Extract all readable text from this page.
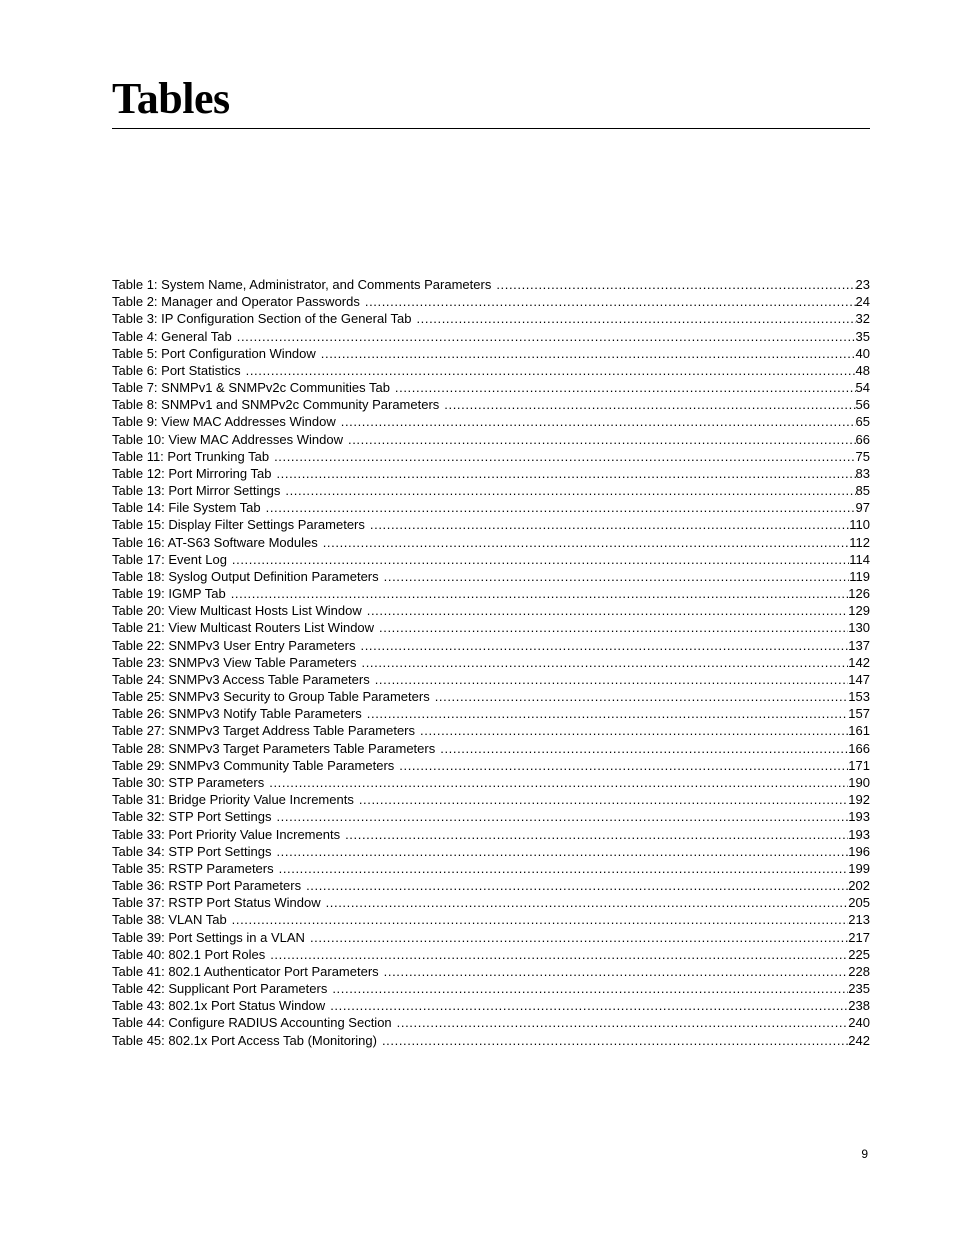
Tables
Table 1: System Name, Administrator, and Comments Parameters .....	23
Table 2: Manager and Operator Passwords .....	24
Table 3: IP Configuration Section of the General Tab .....	32
Table 4: General Tab .....	35
Table 5: Port Configuration Window .....	40
Table 6: Port Statistics .....	48
Table 7: SNMPv1 & SNMPv2c Communities Tab .....	54
Table 8: SNMPv1 and SNMPv2c Community Parameters .....	56
Table 9: View MAC Addresses Window .....	65
Table 10: View MAC Addresses Window .....	66
Table 11: Port Trunking Tab .....	75
Table 12: Port Mirroring Tab .....	83
Table 13: Port Mirror Settings .....	85
Table 14: File System Tab .....	97
Table 15: Display Filter Settings Parameters .....	110
Table 16: AT-S63 Software Modules .....	112
Table 17: Event Log .....	114
Table 18: Syslog Output Definition Parameters .....	119
Table 19: IGMP Tab .....	126
Table 20: View Multicast Hosts List Window .....	129
Table 21: View Multicast Routers List Window .....	130
Table 22: SNMPv3 User Entry Parameters .....	137
Table 23: SNMPv3 View Table Parameters .....	142
Table 24: SNMPv3 Access Table Parameters .....	147
Table 25: SNMPv3 Security to Group Table Parameters .....	153
Table 26: SNMPv3 Notify Table Parameters .....	157
Table 27: SNMPv3 Target Address Table Parameters .....	161
Table 28: SNMPv3 Target Parameters Table Parameters .....	166
Table 29: SNMPv3 Community Table Parameters .....	171
Table 30: STP Parameters .....	190
Table 31: Bridge Priority Value Increments .....	192
Table 32: STP Port Settings .....	193
Table 33: Port Priority Value Increments .....	193
Table 34: STP Port Settings .....	196
Table 35: RSTP Parameters .....	199
Table 36: RSTP Port Parameters .....	202
Table 37: RSTP Port Status Window .....	205
Table 38: VLAN Tab .....	213
Table 39: Port Settings in a VLAN .....	217
Table 40: 802.1 Port Roles .....	225
Table 41: 802.1 Authenticator Port Parameters .....	228
Table 42: Supplicant Port Parameters .....	235
Table 43: 802.1x Port Status Window .....	238
Table 44: Configure RADIUS Accounting Section .....	240
Table 45: 802.1x Port Access Tab (Monitoring) .....	242
9
